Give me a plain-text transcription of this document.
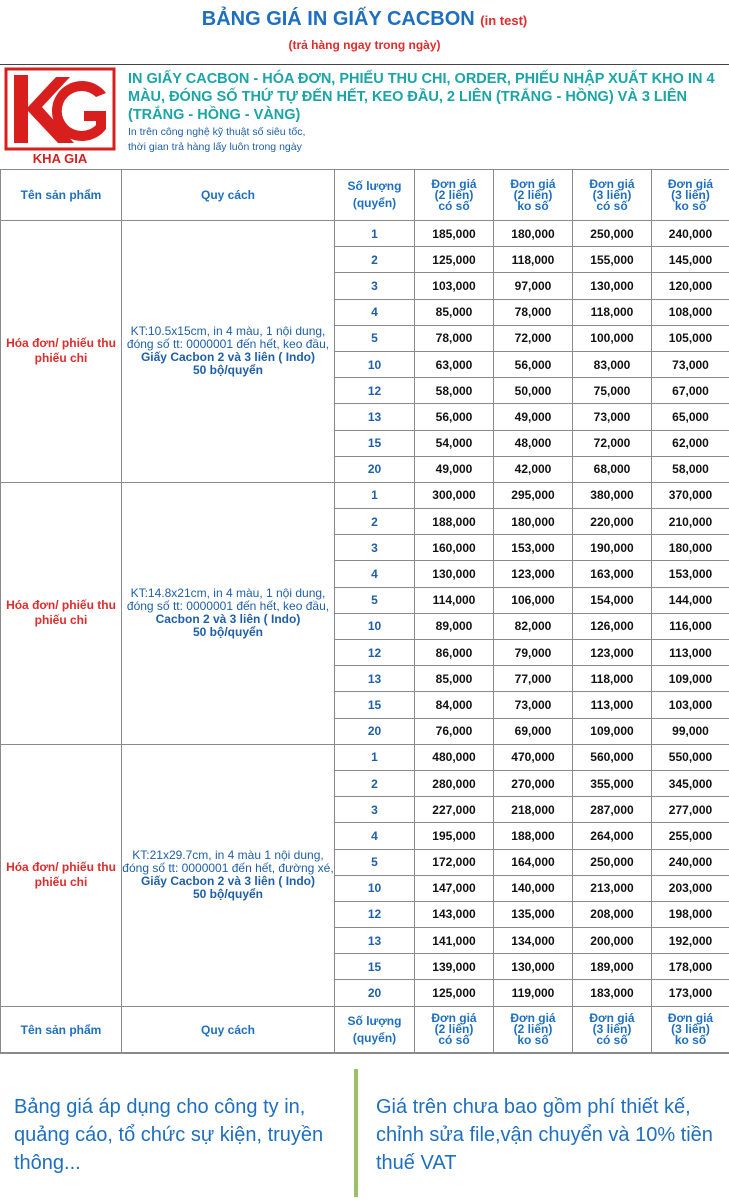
BẢNG GIÁ IN GIẤY CACBON (in test)
(trả hàng ngay trong ngày)
KHA GIA
IN GIẤY CACBON - HÓA ĐƠN, PHIẾU THU CHI, ORDER, PHIẾU NHẬP XUẤT KHO IN 4 MÀU, ĐÓNG SỐ THỨ TỰ ĐẾN HẾT, KEO ĐẦU, 2 LIÊN (TRẮNG - HỒNG) VÀ 3 LIÊN (TRẮNG - HỒNG - VÀNG)
In trên công nghệ kỹ thuật số siêu tốc,
thời gian trả hàng lấy luôn trong ngày
Tên sản phẩm	Quy cách	Số lượng
(quyển)	Đơn giá
(2 liên)
có số	Đơn giá
(2 liên)
ko số	Đơn giá
(3 liên)
có số	Đơn giá
(3 liên)
ko số
Hóa đơn/ phiếu thu phiếu chi	KT:10.5x15cm, in 4 màu, 1 nội dung,
đóng số tt: 0000001 đến hết, keo đầu,
Giấy Cacbon 2 và 3 liên ( Indo)
50 bộ/quyển	1	185,000	180,000	250,000	240,000
		2	125,000	118,000	155,000	145,000
		3	103,000	97,000	130,000	120,000
		4	85,000	78,000	118,000	108,000
		5	78,000	72,000	100,000	105,000
		10	63,000	56,000	83,000	73,000
		12	58,000	50,000	75,000	67,000
		13	56,000	49,000	73,000	65,000
		15	54,000	48,000	72,000	62,000
		20	49,000	42,000	68,000	58,000
Hóa đơn/ phiếu thu phiếu chi	KT:14.8x21cm, in 4 màu, 1 nội dung,
đóng số tt: 0000001 đến hết, keo đầu,
Cacbon 2 và 3 liên ( Indo)
50 bộ/quyển	1	300,000	295,000	380,000	370,000
		2	188,000	180,000	220,000	210,000
		3	160,000	153,000	190,000	180,000
		4	130,000	123,000	163,000	153,000
		5	114,000	106,000	154,000	144,000
		10	89,000	82,000	126,000	116,000
		12	86,000	79,000	123,000	113,000
		13	85,000	77,000	118,000	109,000
		15	84,000	73,000	113,000	103,000
		20	76,000	69,000	109,000	99,000
Hóa đơn/ phiếu thu phiếu chi	KT:21x29.7cm, in 4 màu 1 nội dung,
đóng số tt: 0000001 đến hết, đường xé,
Giấy Cacbon 2 và 3 liên ( Indo)
50 bộ/quyển	1	480,000	470,000	560,000	550,000
		2	280,000	270,000	355,000	345,000
		3	227,000	218,000	287,000	277,000
		4	195,000	188,000	264,000	255,000
		5	172,000	164,000	250,000	240,000
		10	147,000	140,000	213,000	203,000
		12	143,000	135,000	208,000	198,000
		13	141,000	134,000	200,000	192,000
		15	139,000	130,000	189,000	178,000
		20	125,000	119,000	183,000	173,000
Tên sản phẩm	Quy cách	Số lượng
(quyển)	Đơn giá
(2 liên)
có số	Đơn giá
(2 liên)
ko số	Đơn giá
(3 liên)
có số	Đơn giá
(3 liên)
ko số
Bảng giá áp dụng cho công ty in, quảng cáo, tổ chức sự kiện, truyền thông...
Giá trên chưa bao gồm phí thiết kế, chỉnh sửa file,vận chuyển và 10% tiền thuế VAT
